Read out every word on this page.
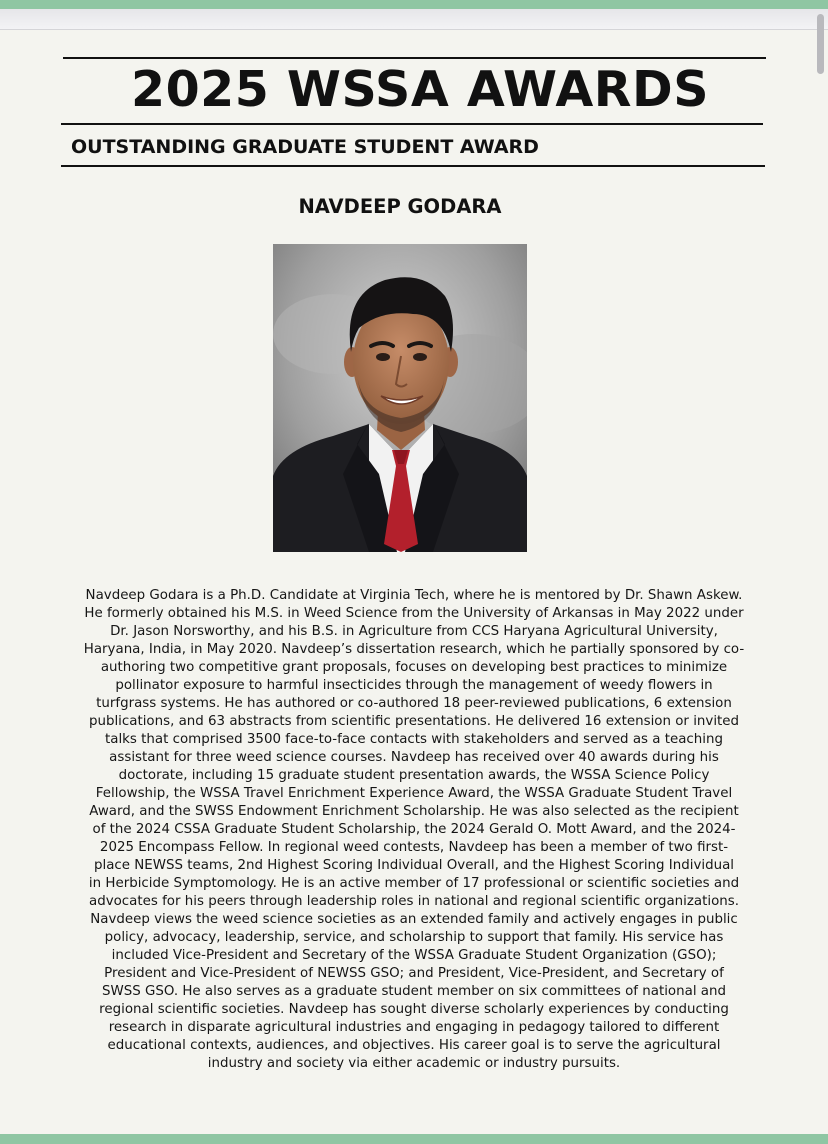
2025 WSSA AWARDS
OUTSTANDING GRADUATE STUDENT AWARD
NAVDEEP GODARA
Navdeep Godara is a Ph.D. Candidate at Virginia Tech, where he is mentored by Dr. Shawn Askew.
He formerly obtained his M.S. in Weed Science from the University of Arkansas in May 2022 under
Dr. Jason Norsworthy, and his B.S. in Agriculture from CCS Haryana Agricultural University,
Haryana, India, in May 2020. Navdeep’s dissertation research, which he partially sponsored by co-
authoring two competitive grant proposals, focuses on developing best practices to minimize
pollinator exposure to harmful insecticides through the management of weedy flowers in
turfgrass systems. He has authored or co-authored 18 peer-reviewed publications, 6 extension
publications, and 63 abstracts from scientific presentations. He delivered 16 extension or invited
talks that comprised 3500 face-to-face contacts with stakeholders and served as a teaching
assistant for three weed science courses. Navdeep has received over 40 awards during his
doctorate, including 15 graduate student presentation awards, the WSSA Science Policy
Fellowship, the WSSA Travel Enrichment Experience Award, the WSSA Graduate Student Travel
Award, and the SWSS Endowment Enrichment Scholarship. He was also selected as the recipient
of the 2024 CSSA Graduate Student Scholarship, the 2024 Gerald O. Mott Award, and the 2024-
2025 Encompass Fellow. In regional weed contests, Navdeep has been a member of two first-
place NEWSS teams, 2nd Highest Scoring Individual Overall, and the Highest Scoring Individual
in Herbicide Symptomology. He is an active member of 17 professional or scientific societies and
advocates for his peers through leadership roles in national and regional scientific organizations.
Navdeep views the weed science societies as an extended family and actively engages in public
policy, advocacy, leadership, service, and scholarship to support that family. His service has
included Vice-President and Secretary of the WSSA Graduate Student Organization (GSO);
President and Vice-President of NEWSS GSO; and President, Vice-President, and Secretary of
SWSS GSO. He also serves as a graduate student member on six committees of national and
regional scientific societies. Navdeep has sought diverse scholarly experiences by conducting
research in disparate agricultural industries and engaging in pedagogy tailored to different
educational contexts, audiences, and objectives. His career goal is to serve the agricultural
industry and society via either academic or industry pursuits.
